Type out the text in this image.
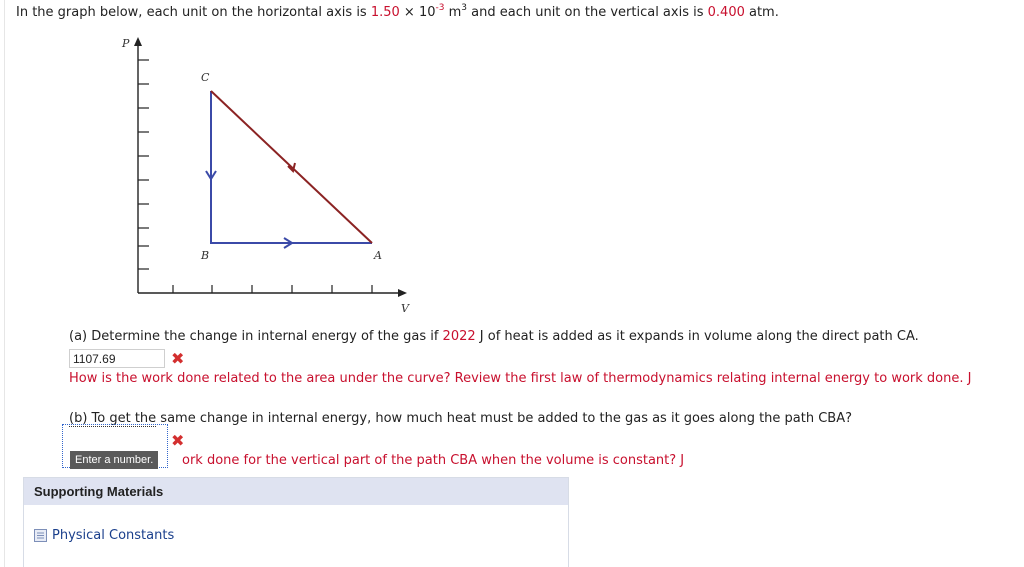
In the graph below, each unit on the horizontal axis is $1.50 \times 10^{-3}$ $m^3$ and each unit on the vertical axis is 0.400 atm.
P
V
C
B	A
(a) Determine the change in internal energy of the gas if 2022 J of heat is added as it expands in volume along the direct path CA.
1107.69	✖
How is the work done related to the area under the curve? Review the first law of thermodynamics relating internal energy to work done. J
(b) To get the same change in internal energy, how much heat must be added to the gas as it goes along the path CBA?
✖
Enter a number.	ork done for the vertical part of the path CBA when the volume is constant? J
Supporting Materials
Physical Constants
